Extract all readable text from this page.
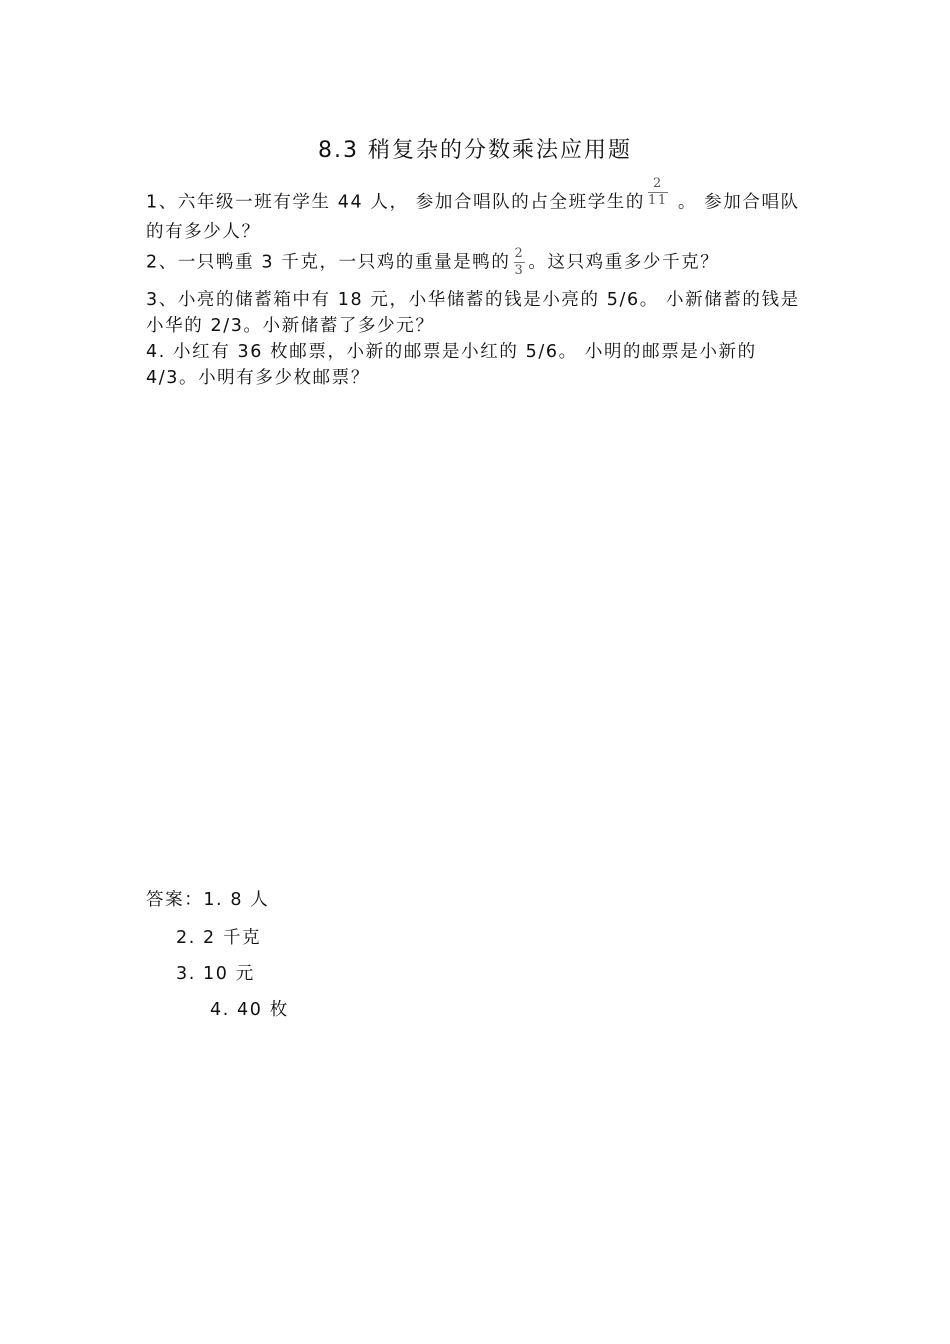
8.3 稍复杂的分数乘法应用题
1、六年级一班有学生 44 人， 参加合唱队的占全班学生的 $\frac{2}{11}$ 。 参加合唱队的有多少人？
2、一只鸭重 3 千克，一只鸡的重量是鸭的 $\frac{2}{3}$ 。这只鸡重多少千克？
3、小亮的储蓄箱中有 18 元，小华储蓄的钱是小亮的 5/6。 小新储蓄的钱是小华的 2/3。小新储蓄了多少元？
4. 小红有 36 枚邮票，小新的邮票是小红的 5/6。 小明的邮票是小新的 4/3。小明有多少枚邮票？
答案：1. 8 人
2. 2 千克
3. 10 元
4. 40 枚
